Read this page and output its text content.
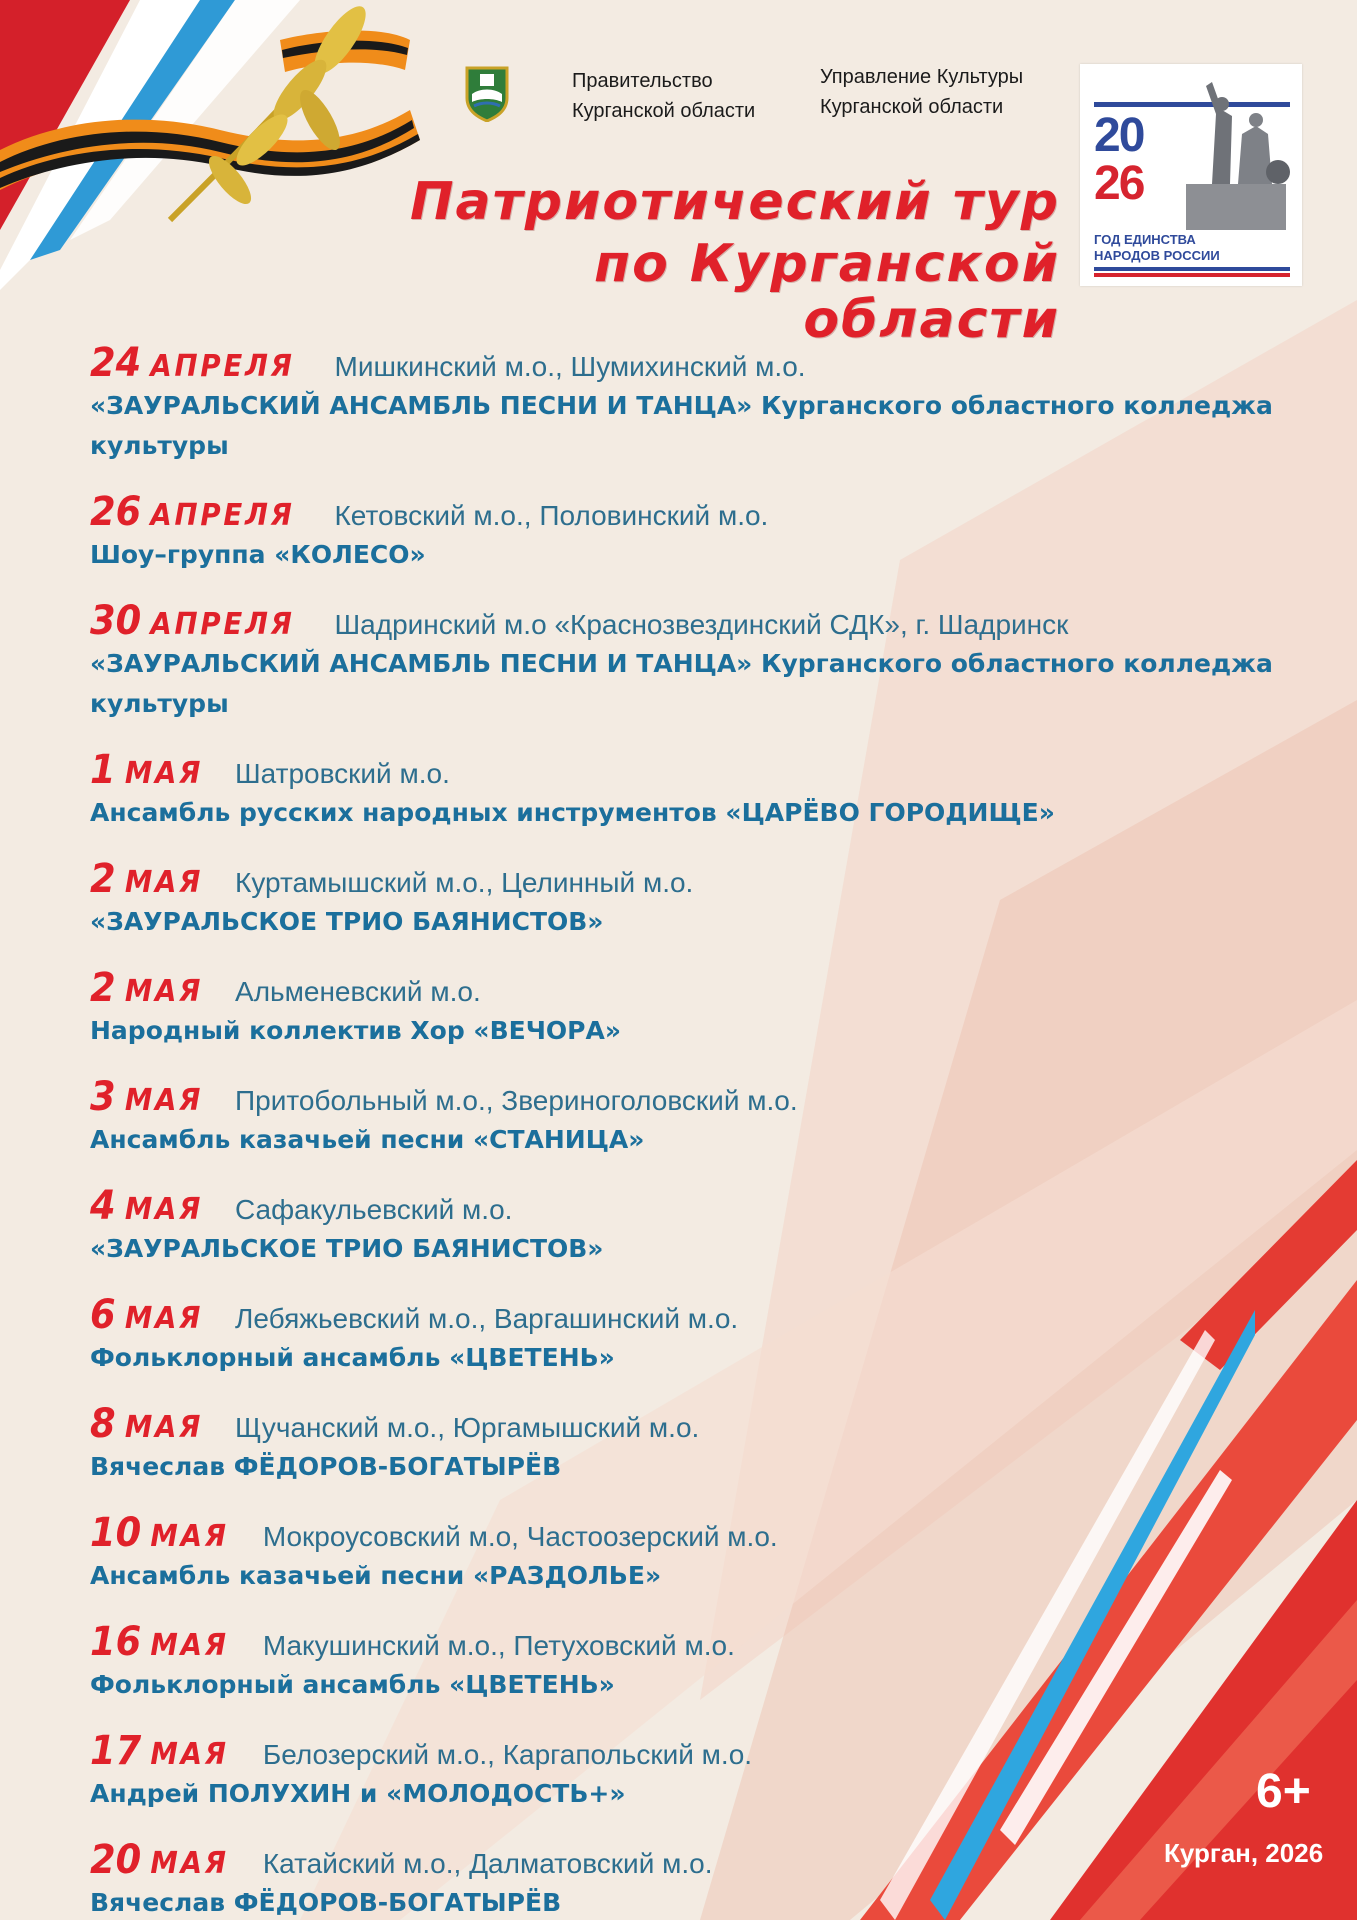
Правительство
Курганской области
Управление Культуры
Курганской области
20
26
ГОД ЕДИНСТВА
НАРОДОВ РОССИИ
Патриотический тур
по Курганской области
24 АПРЕЛЯ Мишкинский м.о., Шумихинский м.о.
«ЗАУРАЛЬСКИЙ АНСАМБЛЬ ПЕСНИ И ТАНЦА» Курганского областного колледжа культуры
26 АПРЕЛЯ Кетовский м.о., Половинский м.о.
Шоу–группа «КОЛЕСО»
30 АПРЕЛЯ Шадринский м.о «Краснозвездинский СДК», г. Шадринск
«ЗАУРАЛЬСКИЙ АНСАМБЛЬ ПЕСНИ И ТАНЦА» Курганского областного колледжа культуры
1 МАЯ Шатровский м.о.
Ансамбль русских народных инструментов «ЦАРЁВО ГОРОДИЩЕ»
2 МАЯ Куртамышский м.о., Целинный м.о.
«ЗАУРАЛЬСКОЕ ТРИО БАЯНИСТОВ»
2 МАЯ Альменевский м.о.
Народный коллектив Хор «ВЕЧОРА»
3 МАЯ Притобольный м.о., Звериноголовский м.о.
Ансамбль казачьей песни «СТАНИЦА»
4 МАЯ Сафакульевский м.о.
«ЗАУРАЛЬСКОЕ ТРИО БАЯНИСТОВ»
6 МАЯ Лебяжьевский м.о., Варгашинский м.о.
Фольклорный ансамбль «ЦВЕТЕНЬ»
8 МАЯ Щучанский м.о., Юргамышский м.о.
Вячеслав ФЁДОРОВ-БОГАТЫРЁВ
10 МАЯ Мокроусовский м.о, Частоозерский м.о.
Ансамбль казачьей песни «РАЗДОЛЬЕ»
16 МАЯ Макушинский м.о., Петуховский м.о.
Фольклорный ансамбль «ЦВЕТЕНЬ»
17 МАЯ Белозерский м.о., Каргапольский м.о.
Андрей ПОЛУХИН и «МОЛОДОСТЬ+»
20 МАЯ Катайский м.о., Далматовский м.о.
Вячеслав ФЁДОРОВ-БОГАТЫРЁВ
6+
Курган, 2026
